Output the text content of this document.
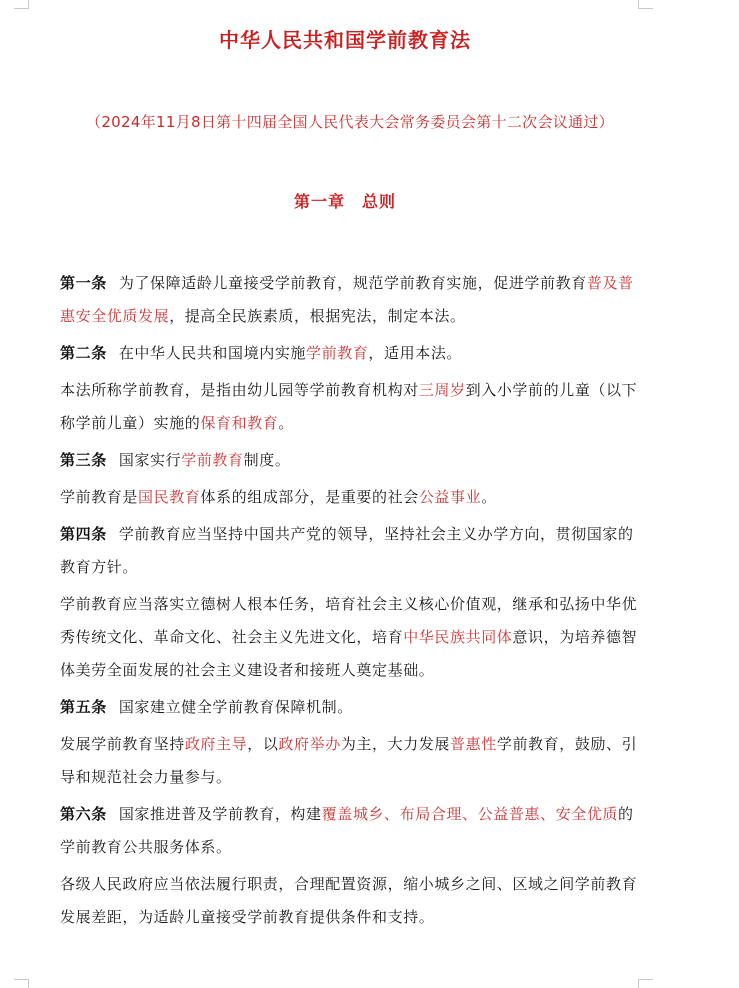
中华人民共和国学前教育法
（2024年11月8日第十四届全国人民代表大会常务委员会第十二次会议通过）
第一章　总则

第一条 为了保障适龄儿童接受学前教育，规范学前教育实施，促进学前教育普及普惠安全优质发展，提高全民族素质，根据宪法，制定本法。

第二条 在中华人民共和国境内实施学前教育，适用本法。

本法所称学前教育，是指由幼儿园等学前教育机构对三周岁到入小学前的儿童（以下称学前儿童）实施的保育和教育。

第三条 国家实行学前教育制度。

学前教育是国民教育体系的组成部分，是重要的社会公益事业。

第四条 学前教育应当坚持中国共产党的领导，坚持社会主义办学方向，贯彻国家的教育方针。

学前教育应当落实立德树人根本任务，培育社会主义核心价值观，继承和弘扬中华优秀传统文化、革命文化、社会主义先进文化，培育中华民族共同体意识，为培养德智体美劳全面发展的社会主义建设者和接班人奠定基础。

第五条 国家建立健全学前教育保障机制。

发展学前教育坚持政府主导，以政府举办为主，大力发展普惠性学前教育，鼓励、引导和规范社会力量参与。

第六条 国家推进普及学前教育，构建覆盖城乡、布局合理、公益普惠、安全优质的学前教育公共服务体系。

各级人民政府应当依法履行职责，合理配置资源，缩小城乡之间、区域之间学前教育发展差距，为适龄儿童接受学前教育提供条件和支持。
